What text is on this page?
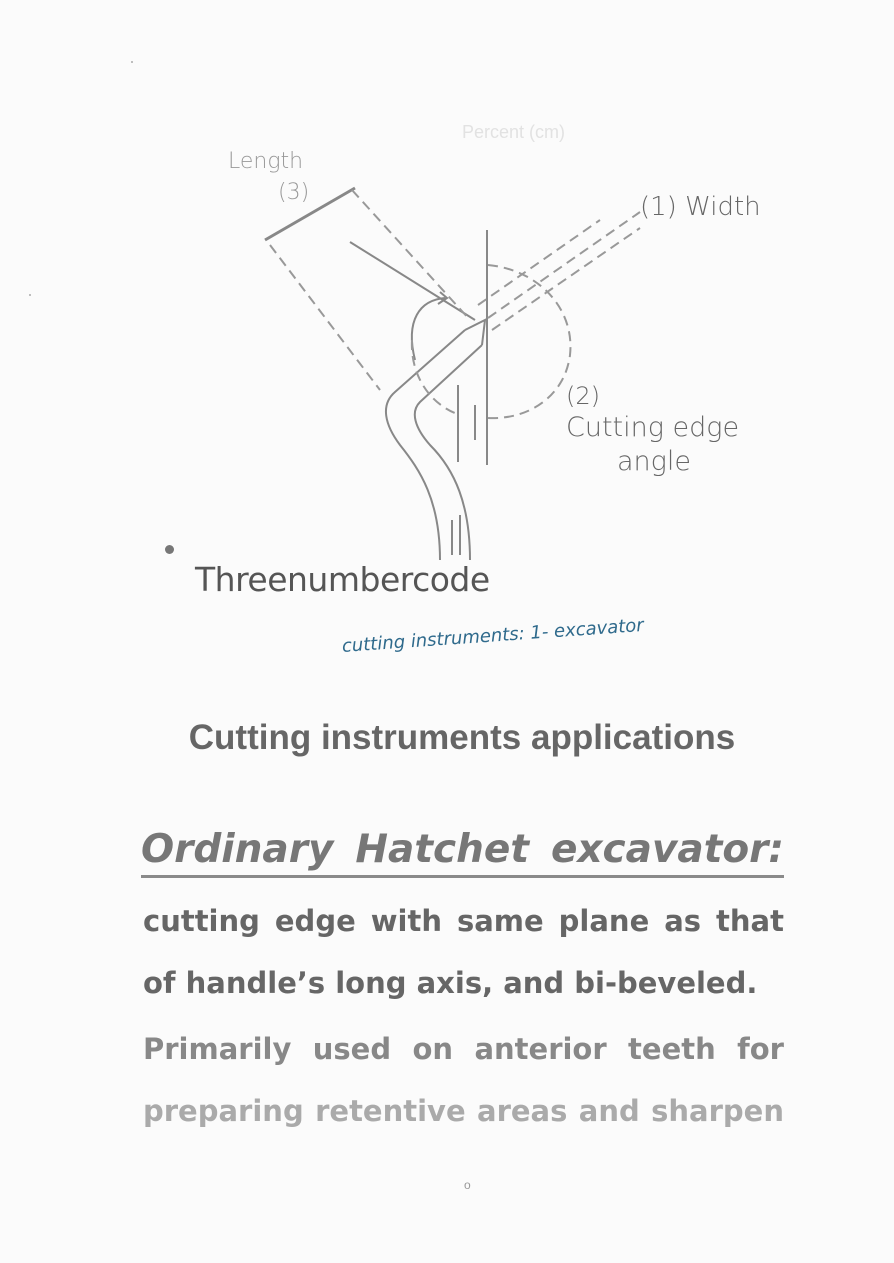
Length
(3)	(1) Width
(2)
Cutting edge
angle
Percent (cm)
Threenumbercode
cutting instruments: 1- excavator
Cutting instruments applications
Ordinary Hatchet excavator:
cutting edge with same plane as that of handle’s long axis, and bi-beveled.
Primarily used on anterior teeth for
preparing retentive areas and sharpen
o
